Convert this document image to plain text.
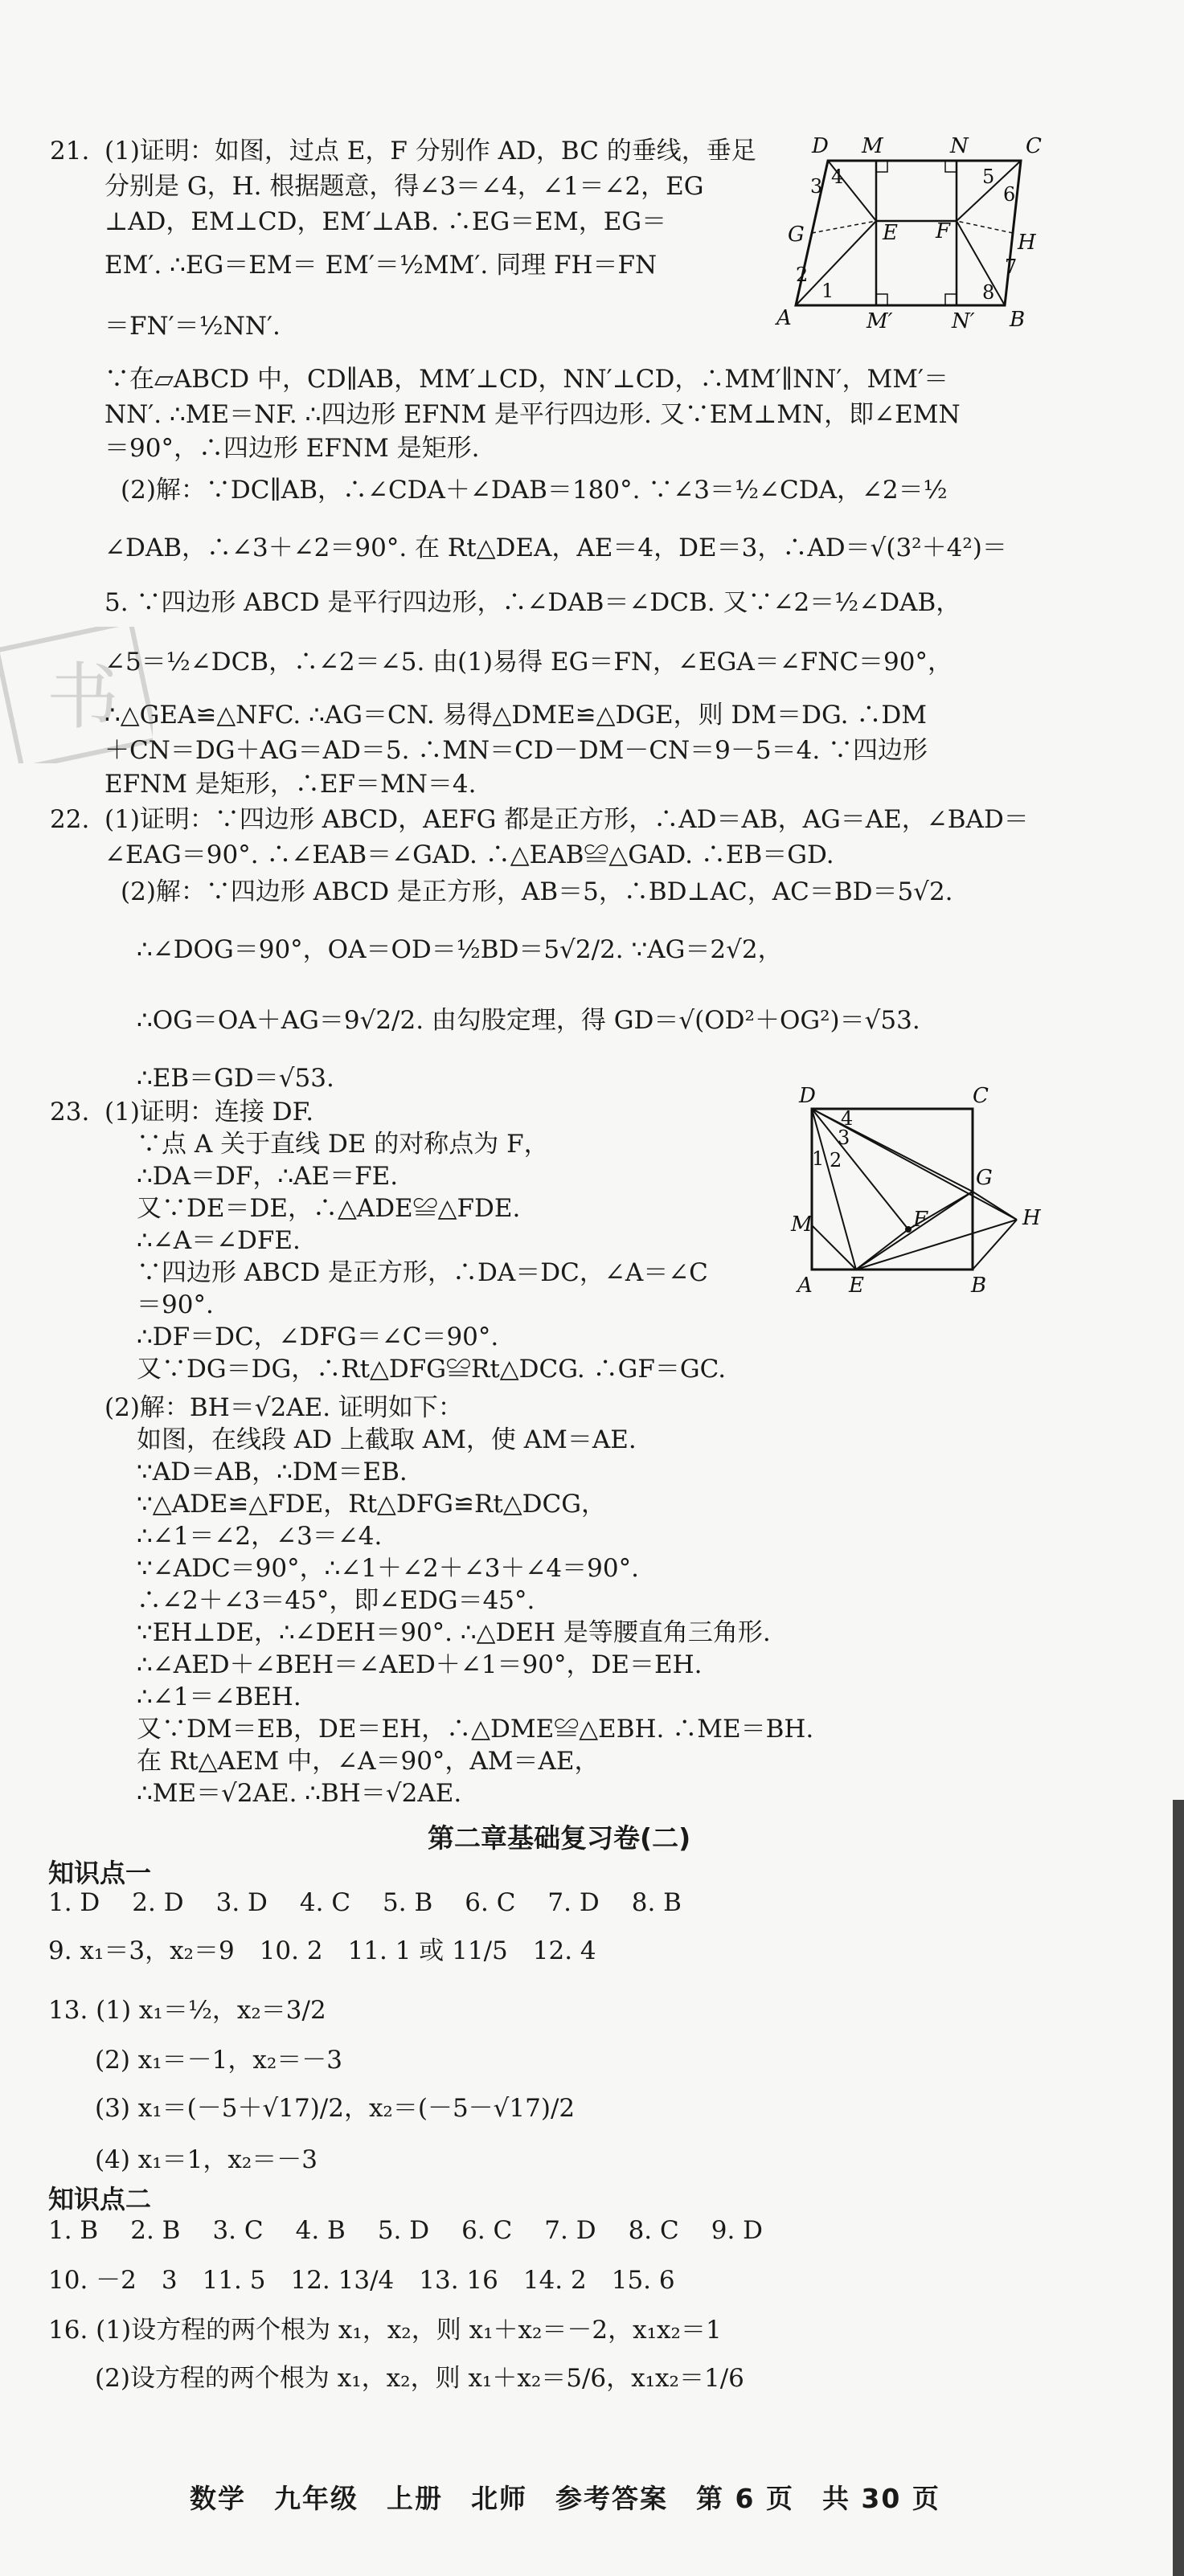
21. (1)证明：如图，过点 E，F 分别作 AD，BC 的垂线，垂足
分别是 G，H. 根据题意，得∠3＝∠4，∠1＝∠2，EG
⊥AD，EM⊥CD，EM′⊥AB. ∴EG＝EM，EG＝
EM′. ∴EG＝EM＝ EM′＝½MM′. 同理 FH＝FN
＝FN′＝½NN′.
∵在▱ABCD 中，CD∥AB，MM′⊥CD，NN′⊥CD，∴MM′∥NN′，MM′＝
NN′. ∴ME＝NF. ∴四边形 EFNM 是平行四边形. 又∵EM⊥MN，即∠EMN
＝90°，∴四边形 EFNM 是矩形.
(2)解：∵DC∥AB，∴∠CDA＋∠DAB＝180°. ∵∠3＝½∠CDA，∠2＝½
∠DAB，∴∠3＋∠2＝90°. 在 Rt△DEA，AE＝4，DE＝3，∴AD＝√(3²＋4²)＝
5. ∵四边形 ABCD 是平行四边形，∴∠DAB＝∠DCB. 又∵∠2＝½∠DAB，
∠5＝½∠DCB，∴∠2＝∠5. 由(1)易得 EG＝FN，∠EGA＝∠FNC＝90°，
∴△GEA≌△NFC. ∴AG＝CN. 易得△DME≌△DGE，则 DM＝DG. ∴DM
＋CN＝DG＋AG＝AD＝5. ∴MN＝CD－DM－CN＝9－5＝4. ∵四边形
EFNM 是矩形，∴EF＝MN＝4.
D M	N	C
A	M′	N′ B
G	E F	H
1
2
3 4	5
6
7
8
书
22. (1)证明：∵四边形 ABCD，AEFG 都是正方形，∴AD＝AB，AG＝AE，∠BAD＝
∠EAG＝90°. ∴∠EAB＝∠GAD. ∴△EAB≌△GAD. ∴EB＝GD.
(2)解：∵四边形 ABCD 是正方形，AB＝5，∴BD⊥AC，AC＝BD＝5√2.
∴∠DOG＝90°，OA＝OD＝½BD＝5√2/2. ∵AG＝2√2，
∴OG＝OA＋AG＝9√2/2. 由勾股定理，得 GD＝√(OD²＋OG²)＝√53.
∴EB＝GD＝√53.
23. (1)证明：连接 DF.
∵点 A 关于直线 DE 的对称点为 F，
∴DA＝DF，∴AE＝FE.
又∵DE＝DE，∴△ADE≌△FDE.
∴∠A＝∠DFE.
∵四边形 ABCD 是正方形，∴DA＝DC，∠A＝∠C
＝90°.
∴DF＝DC，∠DFG＝∠C＝90°.
又∵DG＝DG，∴Rt△DFG≌Rt△DCG. ∴GF＝GC.
(2)解：BH＝√2AE. 证明如下：
如图，在线段 AD 上截取 AM，使 AM＝AE.
∵AD＝AB，∴DM＝EB.
∵△ADE≌△FDE，Rt△DFG≌Rt△DCG，
∴∠1＝∠2，∠3＝∠4.
∵∠ADC＝90°，∴∠1＋∠2＋∠3＋∠4＝90°.
∴∠2＋∠3＝45°，即∠EDG＝45°.
∵EH⊥DE，∴∠DEH＝90°. ∴△DEH 是等腰直角三角形.
∴∠AED＋∠BEH＝∠AED＋∠1＝90°，DE＝EH.
∴∠1＝∠BEH.
又∵DM＝EB，DE＝EH，∴△DME≌△EBH. ∴ME＝BH.
在 Rt△AEM 中，∠A＝90°，AM＝AE，
∴ME＝√2AE. ∴BH＝√2AE.
D	C
A E	B
M	F
G
H
1 2
3
4
第二章基础复习卷(二)
知识点一
1. D 2. D 3. D 4. C 5. B 6. C 7. D 8. B
9. x₁＝3，x₂＝9　10. 2　11. 1 或 11/5　12. 4
13. (1) x₁＝½，x₂＝3/2
(2) x₁＝－1，x₂＝－3
(3) x₁＝(－5＋√17)/2，x₂＝(－5－√17)/2
(4) x₁＝1，x₂＝－3
知识点二
1. B 2. B 3. C 4. B 5. D 6. C 7. D 8. C 9. D
10. －2　3　11. 5　12. 13/4　13. 16　14. 2　15. 6
16. (1)设方程的两个根为 x₁，x₂，则 x₁＋x₂＝－2，x₁x₂＝1
(2)设方程的两个根为 x₁，x₂，则 x₁＋x₂＝5/6，x₁x₂＝1/6
数学　九年级　上册　北师　参考答案　第 6 页　共 30 页
